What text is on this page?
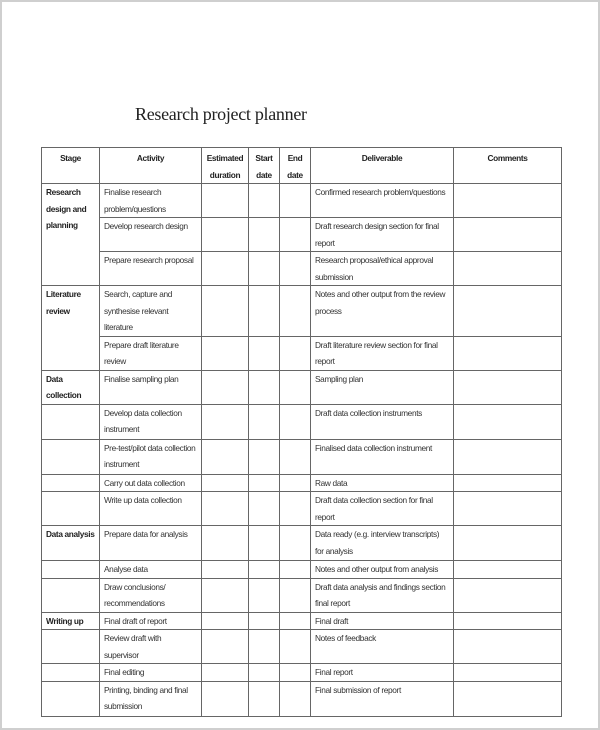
Research project planner
Stage	Activity	Estimated duration	Start date	End date	Deliverable	Comments
Research design and planning	Finalise research problem/questions				Confirmed research problem/questions	
	Develop research design				Draft research design section for final report	
	Prepare research proposal				Research proposal/ethical approval submission	
Literature review	Search, capture and synthesise relevant literature				Notes and other output from the review process	
	Prepare draft literature review				Draft literature review section for final report	
Data collection	Finalise sampling plan				Sampling plan	
	Develop data collection instrument				Draft data collection instruments	
	Pre-test/pilot data collection instrument				Finalised data collection instrument	
	Carry out data collection				Raw data	
	Write up data collection				Draft data collection section for final report	
Data analysis	Prepare data for analysis				Data ready (e.g. interview transcripts) for analysis	
	Analyse data				Notes and other output from analysis	
	Draw conclusions/ recommendations				Draft data analysis and findings section final report	
Writing up	Final draft of report				Final draft	
	Review draft with supervisor				Notes of feedback	
	Final editing				Final report	
	Printing, binding and final submission				Final submission of report	
